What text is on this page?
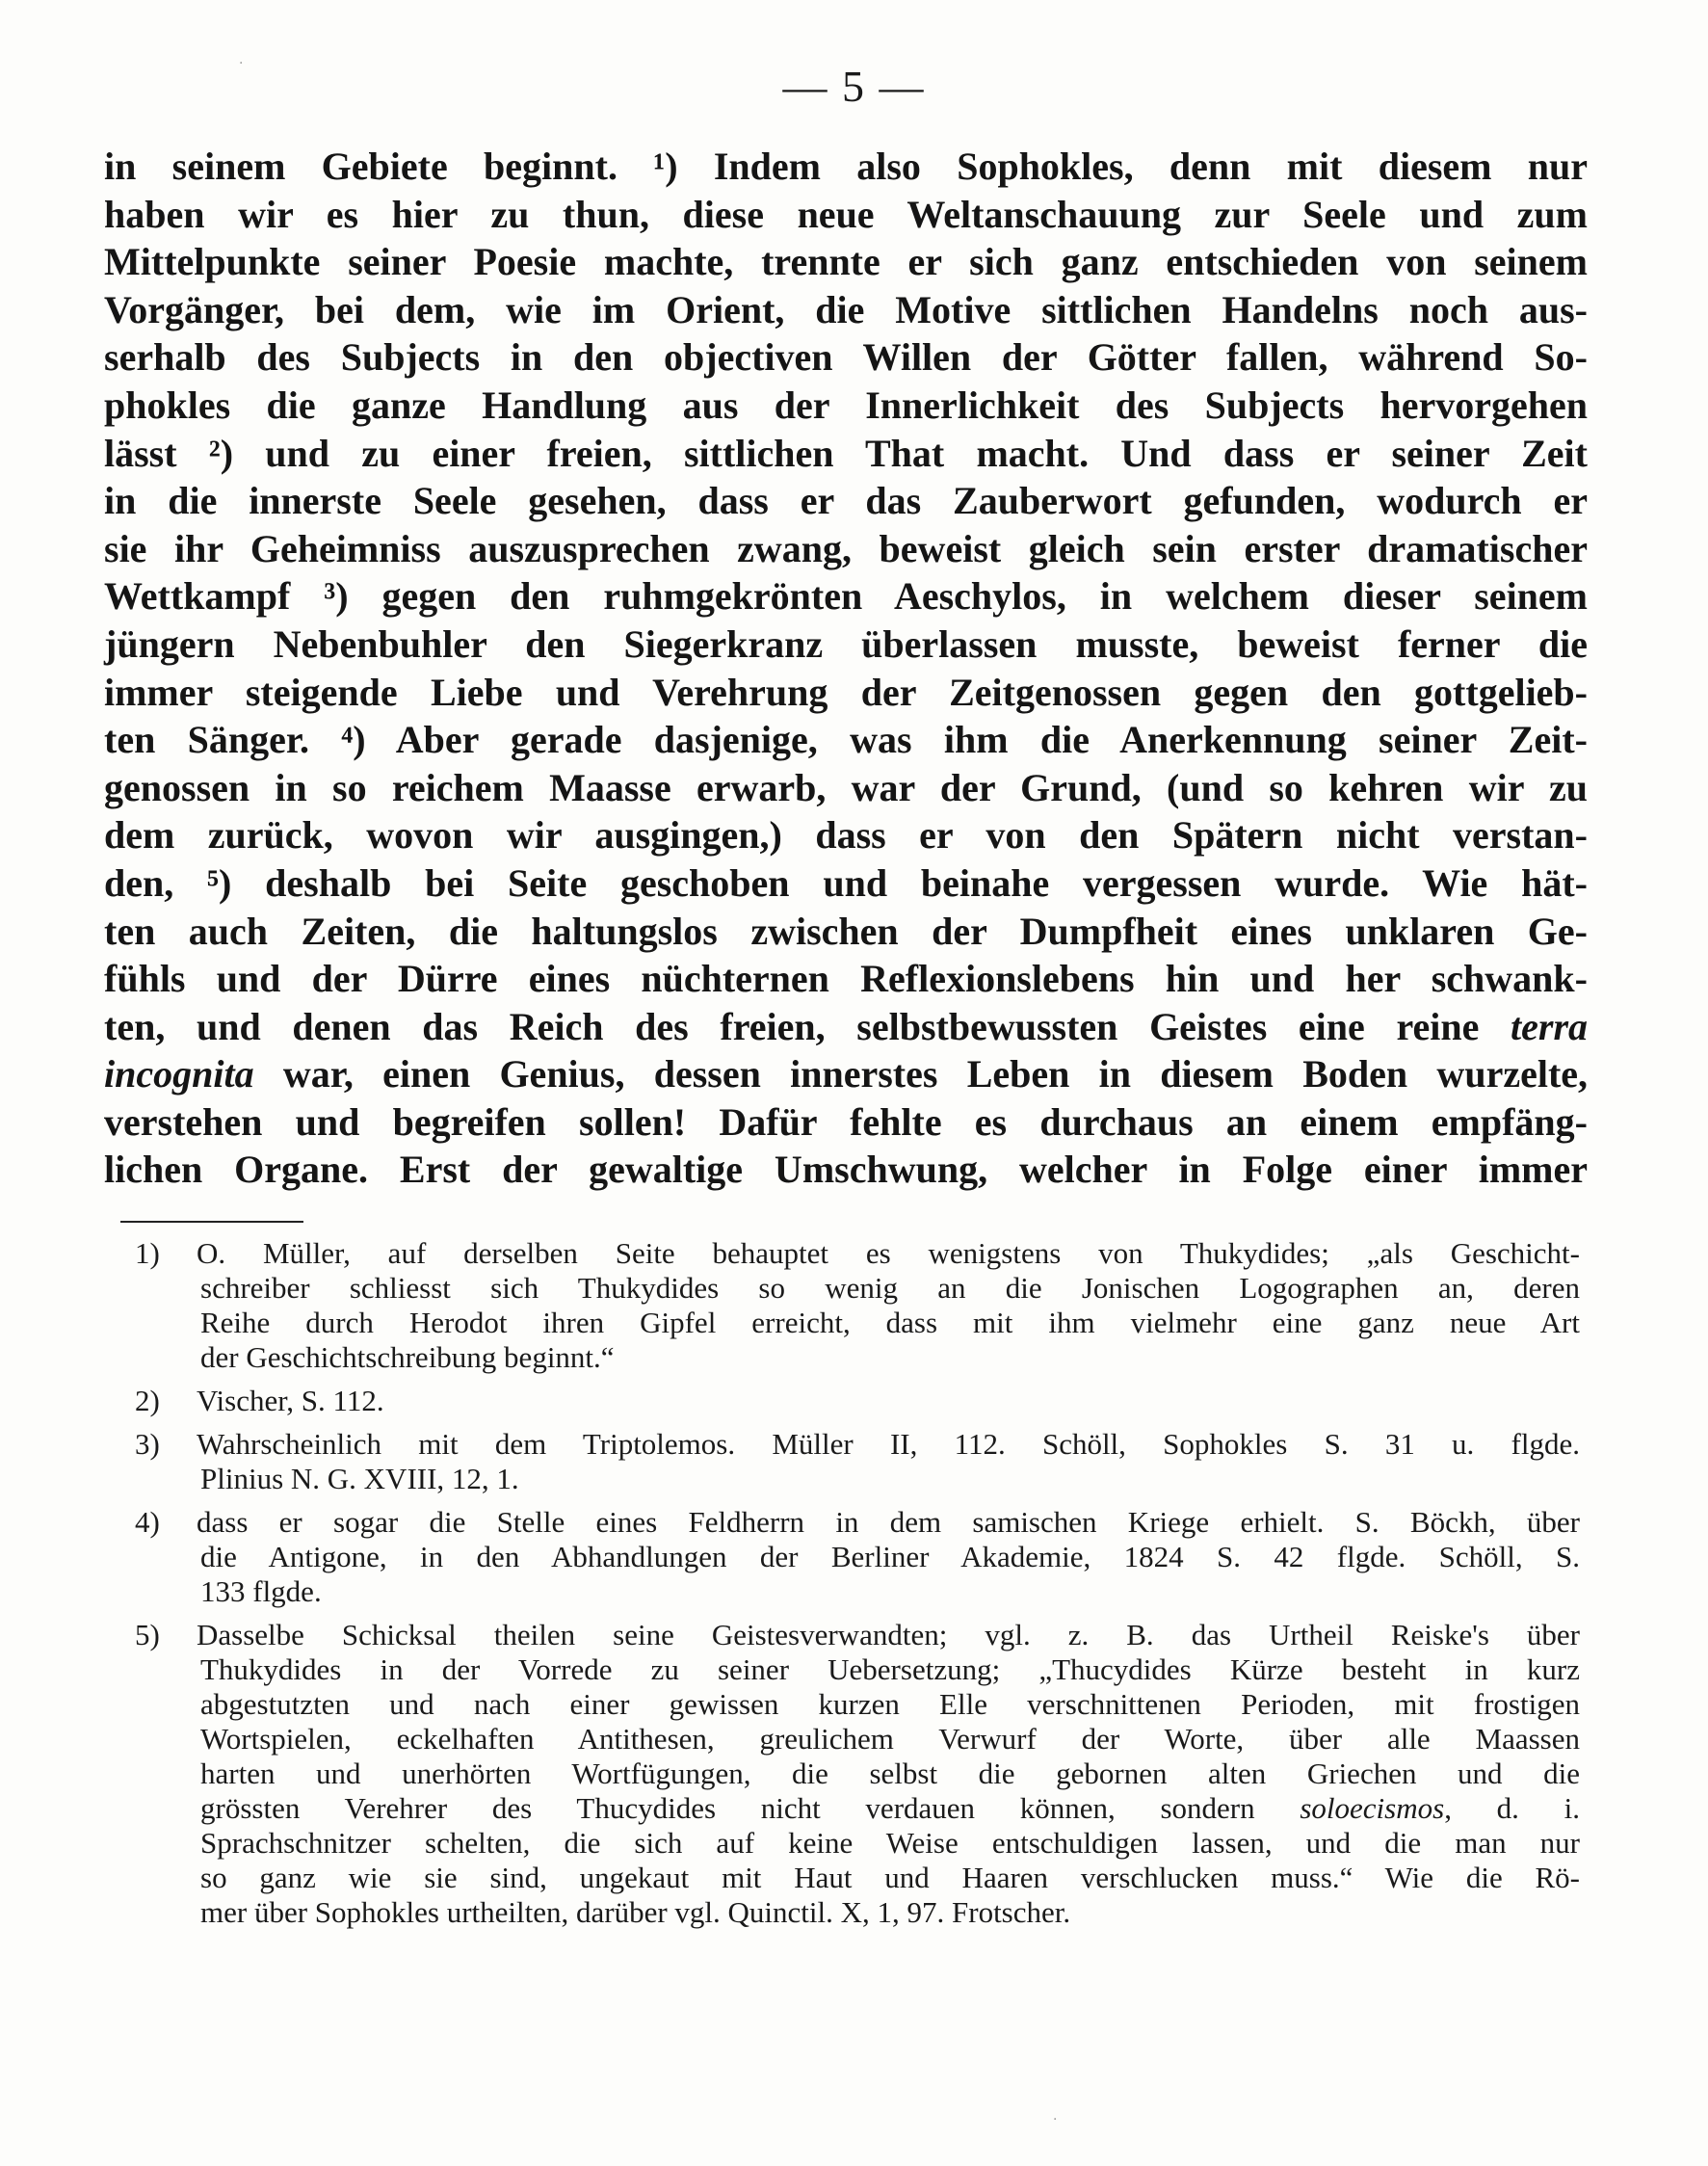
— 5 —
in seinem Gebiete beginnt. ¹) Indem also Sophokles, denn mit diesem nur
haben wir es hier zu thun, diese neue Weltanschauung zur Seele und zum
Mittelpunkte seiner Poesie machte, trennte er sich ganz entschieden von seinem
Vorgänger, bei dem, wie im Orient, die Motive sittlichen Handelns noch aus-
serhalb des Subjects in den objectiven Willen der Götter fallen, während So-
phokles die ganze Handlung aus der Innerlichkeit des Subjects hervorgehen
lässt ²) und zu einer freien, sittlichen That macht. Und dass er seiner Zeit
in die innerste Seele gesehen, dass er das Zauberwort gefunden, wodurch er
sie ihr Geheimniss auszusprechen zwang, beweist gleich sein erster dramatischer
Wettkampf ³) gegen den ruhmgekrönten Aeschylos, in welchem dieser seinem
jüngern Nebenbuhler den Siegerkranz überlassen musste, beweist ferner die
immer steigende Liebe und Verehrung der Zeitgenossen gegen den gottgelieb-
ten Sänger. ⁴) Aber gerade dasjenige, was ihm die Anerkennung seiner Zeit-
genossen in so reichem Maasse erwarb, war der Grund, (und so kehren wir zu
dem zurück, wovon wir ausgingen,) dass er von den Spätern nicht verstan-
den, ⁵) deshalb bei Seite geschoben und beinahe vergessen wurde. Wie hät-
ten auch Zeiten, die haltungslos zwischen der Dumpfheit eines unklaren Ge-
fühls und der Dürre eines nüchternen Reflexionslebens hin und her schwank-
ten, und denen das Reich des freien, selbstbewussten Geistes eine reine terra
incognita war, einen Genius, dessen innerstes Leben in diesem Boden wurzelte,
verstehen und begreifen sollen! Dafür fehlte es durchaus an einem empfäng-
lichen Organe. Erst der gewaltige Umschwung, welcher in Folge einer immer
1) O. Müller, auf derselben Seite behauptet es wenigstens von Thukydides; „als Geschicht-
schreiber schliesst sich Thukydides so wenig an die Jonischen Logographen an, deren
Reihe durch Herodot ihren Gipfel erreicht, dass mit ihm vielmehr eine ganz neue Art
der Geschichtschreibung beginnt.“
2) Vischer, S. 112.
3) Wahrscheinlich mit dem Triptolemos. Müller II, 112. Schöll, Sophokles S. 31 u. flgde.
Plinius N. G. XVIII, 12, 1.
4) dass er sogar die Stelle eines Feldherrn in dem samischen Kriege erhielt. S. Böckh, über
die Antigone, in den Abhandlungen der Berliner Akademie, 1824 S. 42 flgde. Schöll, S.
133 flgde.
5) Dasselbe Schicksal theilen seine Geistesverwandten; vgl. z. B. das Urtheil Reiske's über
Thukydides in der Vorrede zu seiner Uebersetzung; „Thucydides Kürze besteht in kurz
abgestutzten und nach einer gewissen kurzen Elle verschnittenen Perioden, mit frostigen
Wortspielen, eckelhaften Antithesen, greulichem Verwurf der Worte, über alle Maassen
harten und unerhörten Wortfügungen, die selbst die gebornen alten Griechen und die
grössten Verehrer des Thucydides nicht verdauen können, sondern soloecismos, d. i.
Sprachschnitzer schelten, die sich auf keine Weise entschuldigen lassen, und die man nur
so ganz wie sie sind, ungekaut mit Haut und Haaren verschlucken muss.“ Wie die Rö-
mer über Sophokles urtheilten, darüber vgl. Quinctil. X, 1, 97. Frotscher.
·
·
